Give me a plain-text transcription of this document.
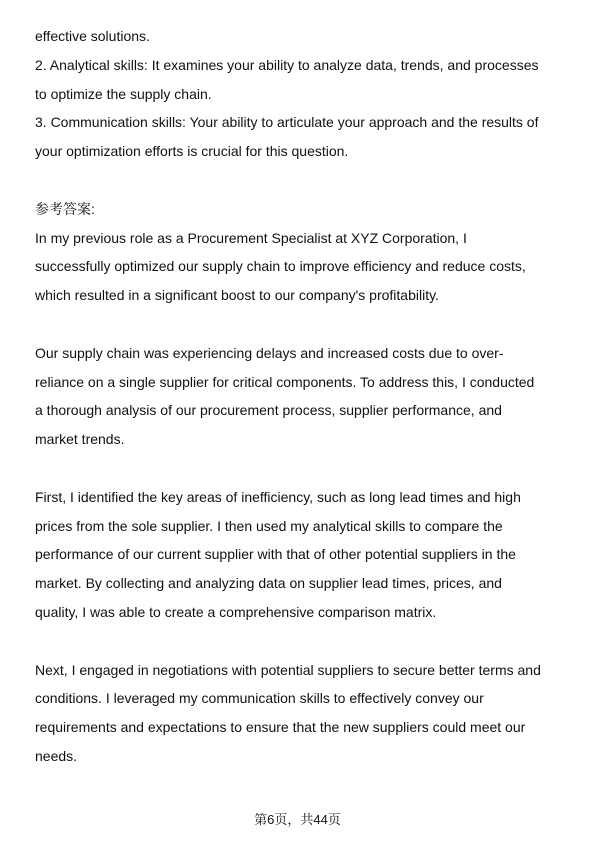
effective solutions.
2. Analytical skills: It examines your ability to analyze data, trends, and processes
to optimize the supply chain.
3. Communication skills: Your ability to articulate your approach and the results of
your optimization efforts is crucial for this question.
参考答案:
In my previous role as a Procurement Specialist at XYZ Corporation, I
successfully optimized our supply chain to improve efficiency and reduce costs,
which resulted in a significant boost to our company's profitability.
Our supply chain was experiencing delays and increased costs due to over-
reliance on a single supplier for critical components. To address this, I conducted
a thorough analysis of our procurement process, supplier performance, and
market trends.
First, I identified the key areas of inefficiency, such as long lead times and high
prices from the sole supplier. I then used my analytical skills to compare the
performance of our current supplier with that of other potential suppliers in the
market. By collecting and analyzing data on supplier lead times, prices, and
quality, I was able to create a comprehensive comparison matrix.
Next, I engaged in negotiations with potential suppliers to secure better terms and
conditions. I leveraged my communication skills to effectively convey our
requirements and expectations to ensure that the new suppliers could meet our
needs.
第6页，共44页
